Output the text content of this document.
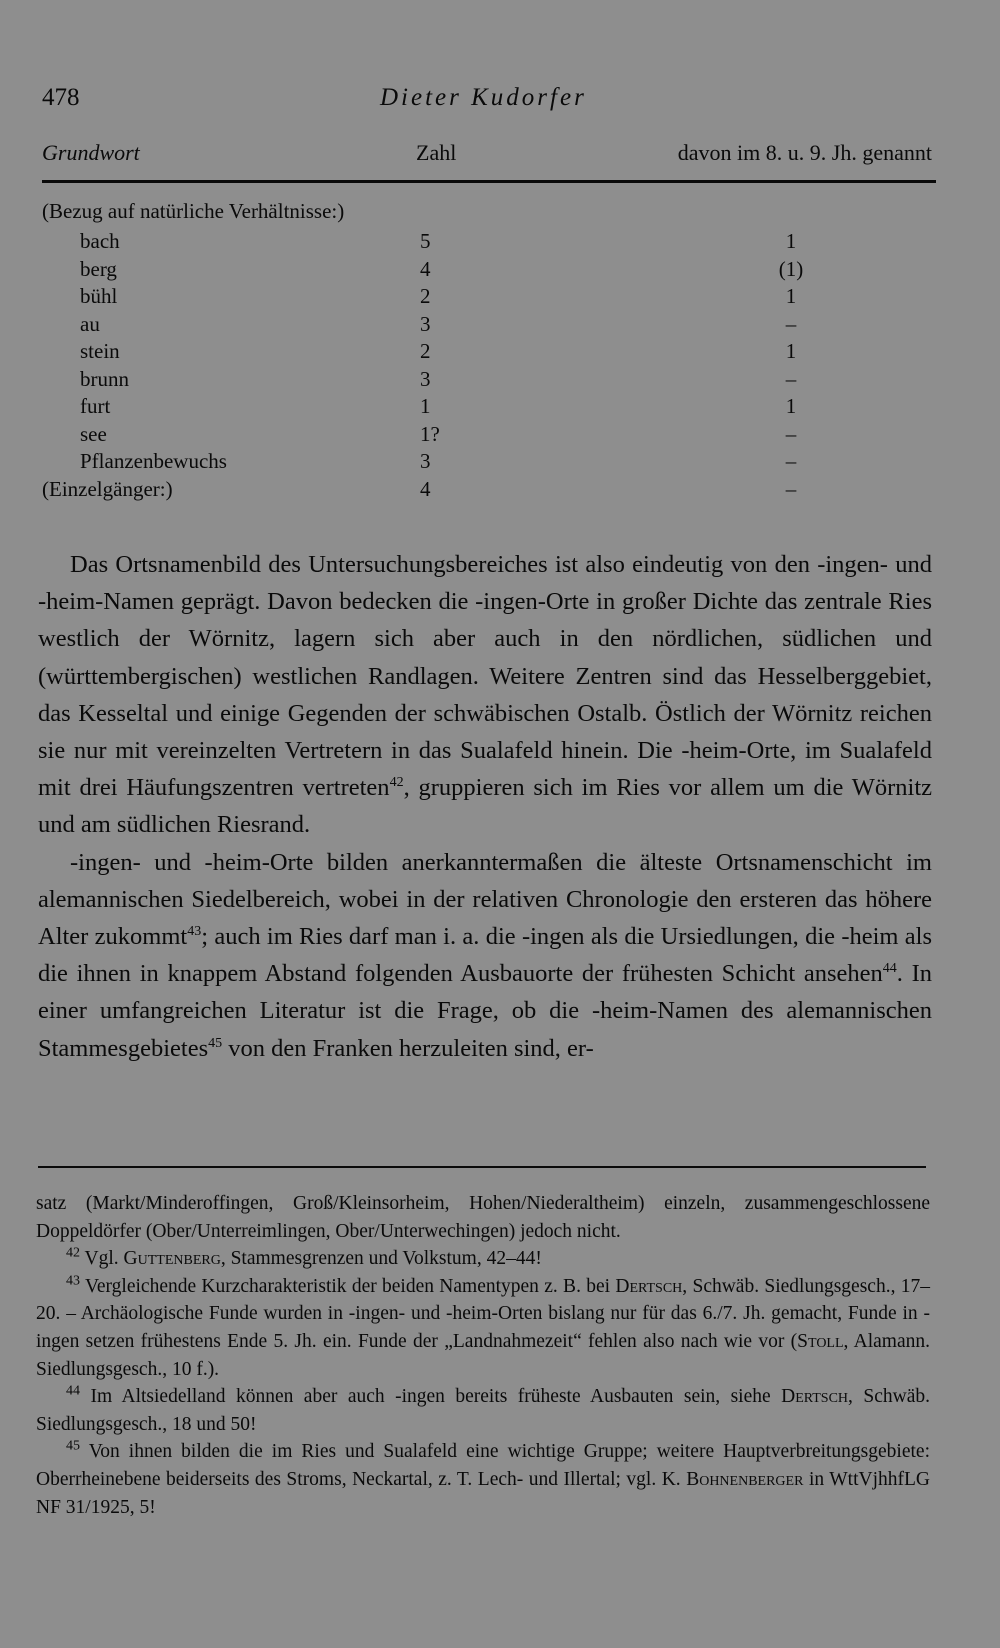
478	Dieter Kudorfer
Grundwort	Zahl	davon im 8. u. 9. Jh. genannt
(Bezug auf natürliche Verhältnisse:)
bach	5	1
berg	4	(1)
bühl	2	1
au	3	–
stein	2	1
brunn	3	–
furt	1	1
see	1?	–
Pflanzenbewuchs	3	–
(Einzelgänger:)	4	–

Das Ortsnamenbild des Untersuchungsbereiches ist also eindeutig von den -ingen- und -heim-Namen geprägt. Davon bedecken die -ingen-Orte in großer Dichte das zentrale Ries westlich der Wörnitz, lagern sich aber auch in den nördlichen, südlichen und (württembergischen) westlichen Randlagen. Weitere Zentren sind das Hesselberggebiet, das Kesseltal und einige Gegenden der schwäbischen Ostalb. Östlich der Wörnitz reichen sie nur mit vereinzelten Vertretern in das Sualafeld hinein. Die -heim-Orte, im Sualafeld mit drei Häufungszentren vertreten$^{42}$, gruppieren sich im Ries vor allem um die Wörnitz und am südlichen Riesrand.

-ingen- und -heim-Orte bilden anerkanntermaßen die älteste Ortsnamenschicht im alemannischen Siedelbereich, wobei in der relativen Chronologie den ersteren das höhere Alter zukommt$^{43}$; auch im Ries darf man i. a. die -ingen als die Ursiedlungen, die -heim als die ihnen in knappem Abstand folgenden Ausbauorte der frühesten Schicht ansehen$^{44}$. In einer umfangreichen Literatur ist die Frage, ob die -heim-Namen des alemannischen Stammesgebietes$^{45}$ von den Franken herzuleiten sind, er-

satz (Markt/Minderoffingen, Groß/Kleinsorheim, Hohen/Niederaltheim) einzeln, zusammengeschlossene Doppeldörfer (Ober/Unterreimlingen, Ober/Unterwechingen) jedoch nicht.

$^{42}$ Vgl. Guttenberg, Stammesgrenzen und Volkstum, 42–44!

$^{43}$ Vergleichende Kurzcharakteristik der beiden Namentypen z. B. bei Dertsch, Schwäb. Siedlungsgesch., 17–20. – Archäologische Funde wurden in -ingen- und -heim-Orten bislang nur für das 6./7. Jh. gemacht, Funde in -ingen setzen frühestens Ende 5. Jh. ein. Funde der „Landnahmezeit“ fehlen also nach wie vor (Stoll, Alamann. Siedlungsgesch., 10 f.).

$^{44}$ Im Altsiedelland können aber auch -ingen bereits früheste Ausbauten sein, siehe Dertsch, Schwäb. Siedlungsgesch., 18 und 50!

$^{45}$ Von ihnen bilden die im Ries und Sualafeld eine wichtige Gruppe; weitere Hauptverbreitungsgebiete: Oberrheinebene beiderseits des Stroms, Neckartal, z. T. Lech- und Illertal; vgl. K. Bohnenberger in WttVjhhfLG NF 31/1925, 5!
